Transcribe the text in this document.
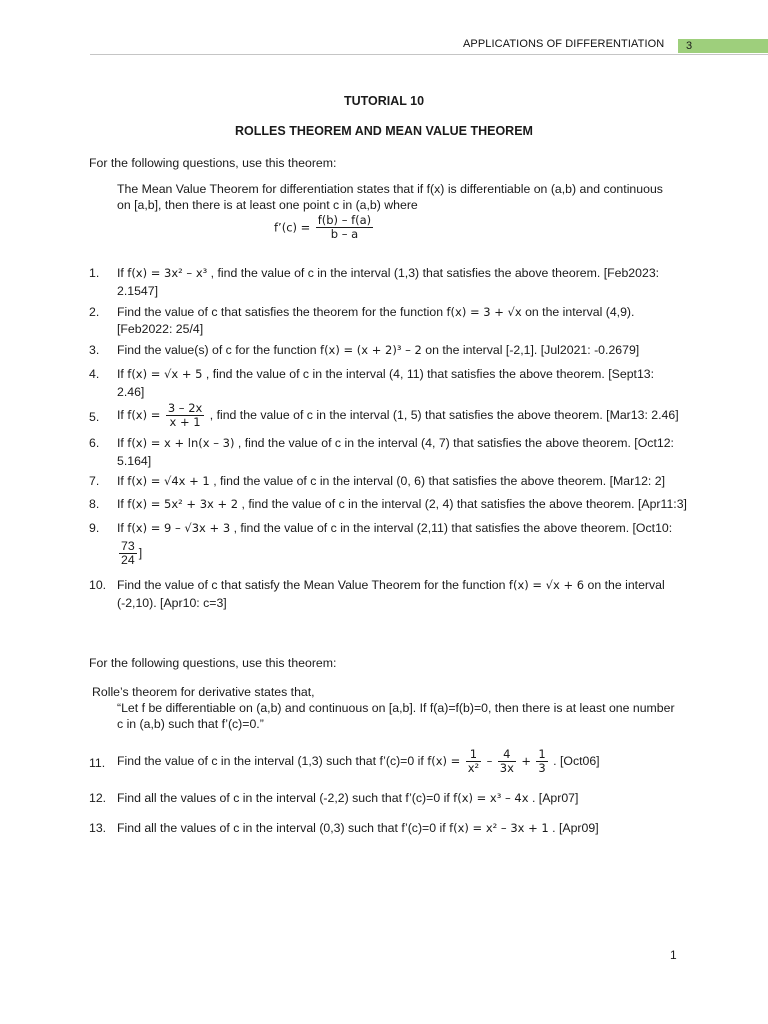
APPLICATIONS OF DIFFERENTIATION 3
TUTORIAL 10
ROLLES THEOREM AND MEAN VALUE THEOREM
For the following questions, use this theorem:
The Mean Value Theorem for differentiation states that if f(x) is differentiable on (a,b) and continuous
on [a,b], then there is at least one point c in (a,b) where
f’(c) = $\frac{f(b) - f(a)}{b - a}$
1.	If f(x) = 3x² – x³ , find the value of c in the interval (1,3) that satisfies the above theorem. [Feb2023:
2.1547]
2.	Find the value of c that satisfies the theorem for the function f(x) = 3 + √x on the interval (4,9).
[Feb2022: 25/4]
3.	Find the value(s) of c for the function f(x) = (x + 2)³ – 2 on the interval [-2,1]. [Jul2021: -0.2679]
4.	If f(x) = √x + 5 , find the value of c in the interval (4, 11) that satisfies the above theorem. [Sept13:
2.46]
5.	If $f(x) = \frac{3 - 2x}{x + 1}$ , find the value of c in the interval (1, 5) that satisfies the above theorem. [Mar13: 2.46]
6.	If f(x) = x + ln(x – 3) , find the value of c in the interval (4, 7) that satisfies the above theorem. [Oct12:
5.164]
7.	If f(x) = √4x + 1 , find the value of c in the interval (0, 6) that satisfies the above theorem. [Mar12: 2]
8.	If f(x) = 5x² + 3x + 2 , find the value of c in the interval (2, 4) that satisfies the above theorem. [Apr11:3]
9.	If f(x) = 9 – √3x + 3 , find the value of c in the interval (2,11) that satisfies the above theorem. [Oct10:
$\frac{73}{24}$ ]
10. Find the value of c that satisfy the Mean Value Theorem for the function f(x) = √x + 6 on the interval
(-2,10). [Apr10: c=3]
For the following questions, use this theorem:
Rolle’s theorem for derivative states that,
“Let f be differentiable on (a,b) and continuous on [a,b]. If f(a)=f(b)=0, then there is at least one number
c in (a,b) such that f’(c)=0.”
11. Find the value of c in the interval (1,3) such that f’(c)=0 if $f(x) = \frac{1}{\text{x²}} - \frac{4}{3x} + \frac{1}{3}$ . [Oct06]
12. Find all the values of c in the interval (-2,2) such that f’(c)=0 if f(x) = x³ – 4x . [Apr07]
13. Find all the values of c in the interval (0,3) such that f’(c)=0 if f(x) = x² – 3x + 1 . [Apr09]
1
